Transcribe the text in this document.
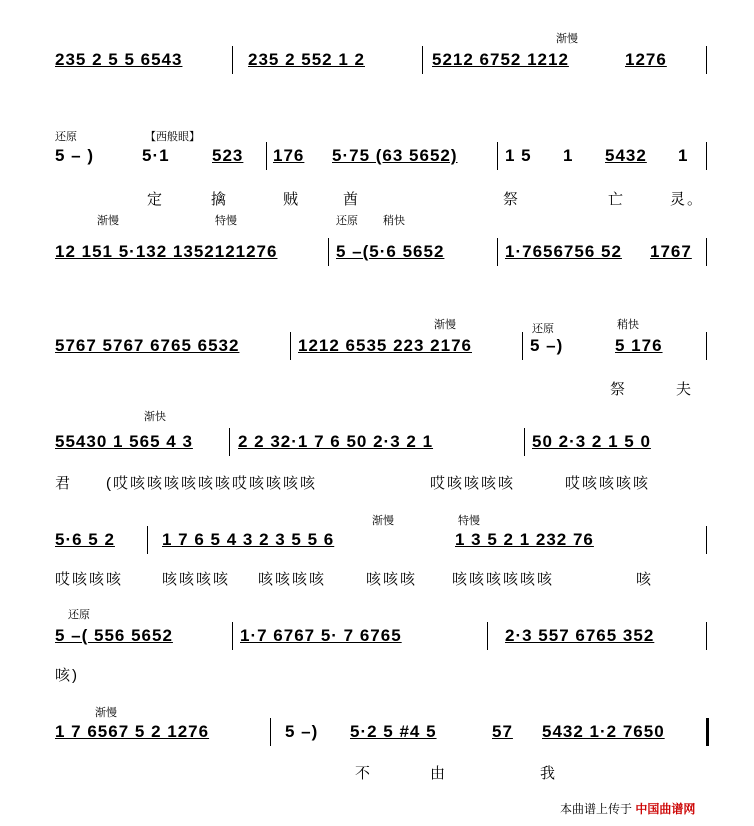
渐慢
235 2 5 5 6543	235 2 552 1 2	5212 6752 1212	1276
还原	【西般眼】
5 – )	5·1 523 176 5·75 (63 5652)	1 5 1 5432 1
定	擒	贼	酋	祭	亡	灵。
渐慢	特慢	还原 稍快
12 151 5·132 1352121276	5 –(5·6 5652	1·7656756 52 1767
渐慢	还原	稍快
5767 5767 6765 6532	1212 6535 223 2176	5 –)	5 176
祭	夫
渐快
55430 1 565 4 3	2 2 32·1 7 6 50 2·3 2 1	50 2·3 2 1 5 0
君 (哎咳咳咳咳咳咳哎咳咳咳咳	哎咳咳咳咳	哎咳咳咳咳
渐慢	特慢
5·6 5 2	1 7 6 5 4 3 2 3 5 5 6	1 3 5 2 1 232 76
哎咳咳咳	咳咳咳咳 咳咳咳咳	咳咳咳 咳咳咳咳咳咳	咳
还原
5 –( 556 5652	1·7 6767 5· 7 6765	2·3 557 6765 352
咳)
渐慢
1 7 6567 5 2 1276	5 –) 5·2 5 #4 5	57 5432 1·2 7650
不	由	我
本曲谱上传于 中国曲谱网
